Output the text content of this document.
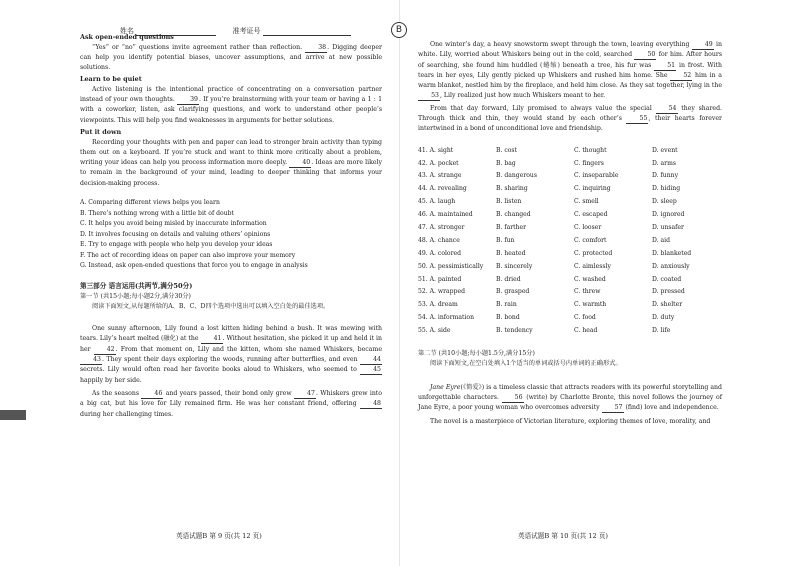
姓名	准考证号	B
Ask open-ended questions

“Yes” or “no” questions invite agreement rather than reflection. 38. Digging deeper can help you identify potential biases, uncover assumptions, and arrive at new possible solutions.

Learn to be quiet

Active listening is the intentional practice of concentrating on a conversation partner instead of your own thoughts. 39. If you’re brainstorming with your team or having a 1 : 1 with a coworker, listen, ask clarifying questions, and work to understand other people’s viewpoints. This will help you find weaknesses in arguments for better solutions.

Put it down

Recording your thoughts with pen and paper can lead to stronger brain activity than typing them out on a keyboard. If you’re stuck and want to think more critically about a problem, writing your ideas can help you process information more deeply. 40. Ideas are more likely to remain in the background of your mind, leading to deeper thinking that informs your decision-making process.

A. Comparing different views helps you learn
B. There’s nothing wrong with a little bit of doubt
C. It helps you avoid being misled by inaccurate information
D. It involves focusing on details and valuing others’ opinions
E. Try to engage with people who help you develop your ideas
F. The act of recording ideas on paper can also improve your memory
G. Instead, ask open-ended questions that force you to engage in analysis
第三部分 语言运用(共两节,满分50分)
第一节 (共15小题;每小题2分,满分30分)
阅读下面短文,从每题所给的A、B、C、D四个选项中选出可以填入空白处的最佳选项。

One sunny afternoon, Lily found a lost kitten hiding behind a bush. It was mewing with tears. Lily’s heart melted (融化) at the 41. Without hesitation, she picked it up and held it in her 42. From that moment on, Lily and the kitten, whom she named Whiskers, became 43. They spent their days exploring the woods, running after butterflies, and even 44 secrets. Lily would often read her favorite books aloud to Whiskers, who seemed to 45 happily by her side.

As the seasons 46 and years passed, their bond only grew 47. Whiskers grew into a big cat, but his love for Lily remained firm. He was her constant friend, offering 48 during her challenging times.

One winter’s day, a heavy snowstorm swept through the town, leaving everything 49 in white. Lily, worried about Whiskers being out in the cold, searched 50 for him. After hours of searching, she found him huddled (蜷缩) beneath a tree, his fur was 51 in frost. With tears in her eyes, Lily gently picked up Whiskers and rushed him home. She 52 him in a warm blanket, nestled him by the fireplace, and held him close. As they sat together, lying in the 53, Lily realized just how much Whiskers meant to her.

From that day forward, Lily promised to always value the special 54 they shared. Through thick and thin, they would stand by each other’s 55, their hearts forever intertwined in a bond of unconditional love and friendship.

41. A. sight	B. cost	C. thought	D. event
42. A. pocket	B. bag	C. fingers	D. arms
43. A. strange	B. dangerous	C. inseparable	D. funny
44. A. revealing	B. sharing	C. inquiring	D. hiding
45. A. laugh	B. listen	C. smell	D. sleep
46. A. maintained	B. changed	C. escaped	D. ignored
47. A. stronger	B. farther	C. looser	D. unsafer
48. A. chance	B. fun	C. comfort	D. aid
49. A. colored	B. heated	C. protected	D. blanketed
50. A. pessimistically	B. sincerely	C. aimlessly	D. anxiously
51. A. painted	B. dried	C. washed	D. coated
52. A. wrapped	B. grasped	C. threw	D. pressed
53. A. dream	B. rain	C. warmth	D. shelter
54. A. information	B. bond	C. food	D. duty
55. A. side	B. tendency	C. head	D. life
第二节 (共10小题;每小题1.5分,满分15分)
阅读下面短文,在空白处填入1个适当的单词或括号内单词的正确形式。

Jane Eyre(《简爱》) is a timeless classic that attracts readers with its powerful storytelling and unforgettable characters. 56 (write) by Charlotte Bronte, this novel follows the journey of Jane Eyre, a poor young woman who overcomes adversity 57 (find) love and independence.

The novel is a masterpiece of Victorian literature, exploring themes of love, morality, and

英语试题B 第 9 页(共 12 页)	英语试题B 第 10 页(共 12 页)
